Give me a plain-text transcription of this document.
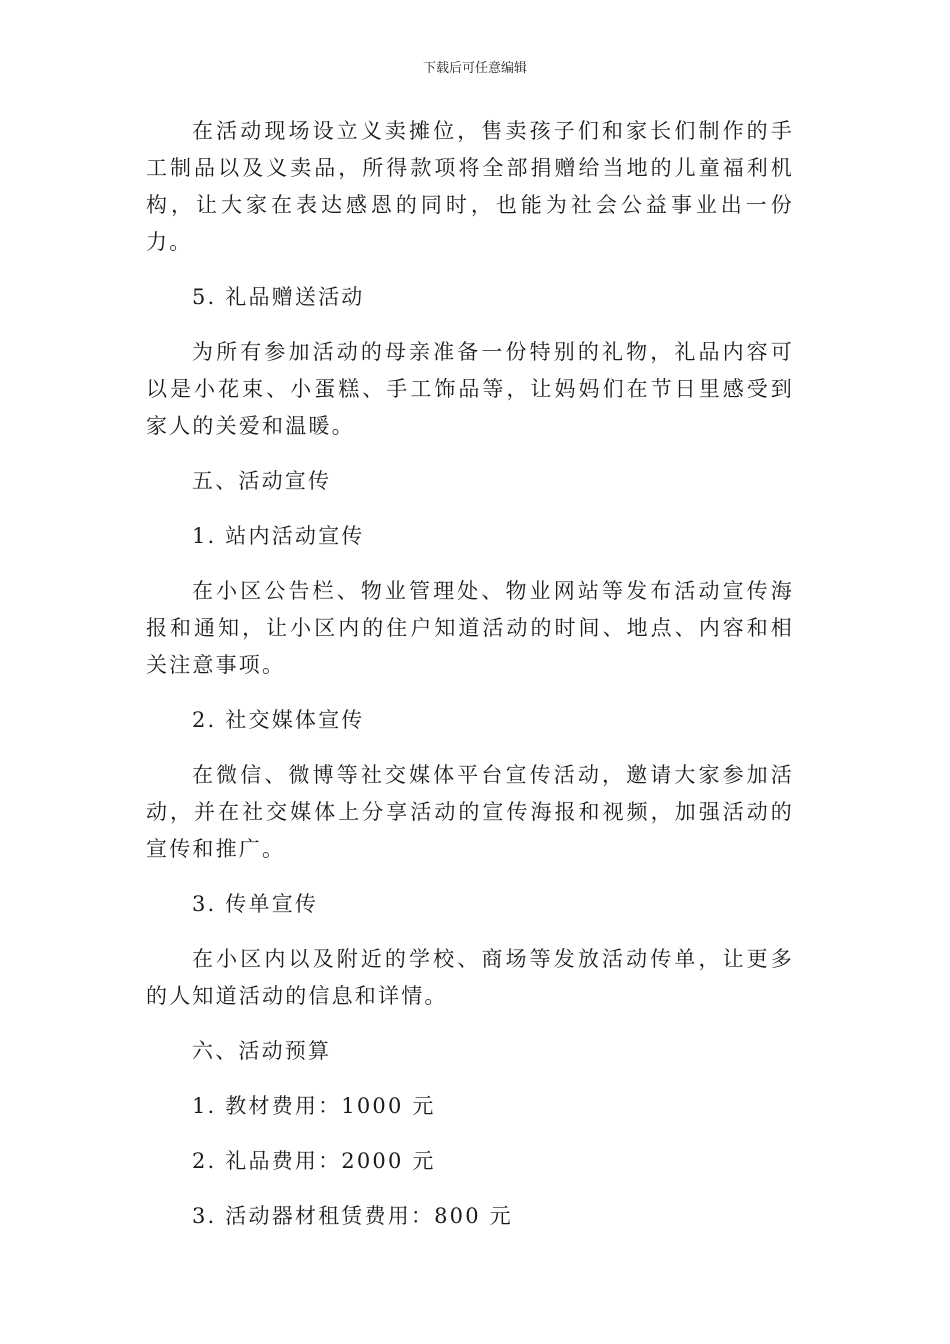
下载后可任意编辑

在活动现场设立义卖摊位，售卖孩子们和家长们制作的手工制品以及义卖品，所得款项将全部捐赠给当地的儿童福利机构，让大家在表达感恩的同时，也能为社会公益事业出一份力。

5. 礼品赠送活动

为所有参加活动的母亲准备一份特别的礼物，礼品内容可以是小花束、小蛋糕、手工饰品等，让妈妈们在节日里感受到家人的关爱和温暖。

五、活动宣传

1. 站内活动宣传

在小区公告栏、物业管理处、物业网站等发布活动宣传海报和通知，让小区内的住户知道活动的时间、地点、内容和相关注意事项。

2. 社交媒体宣传

在微信、微博等社交媒体平台宣传活动，邀请大家参加活动，并在社交媒体上分享活动的宣传海报和视频，加强活动的宣传和推广。

3. 传单宣传

在小区内以及附近的学校、商场等发放活动传单，让更多的人知道活动的信息和详情。

六、活动预算

1. 教材费用：1000 元

2. 礼品费用：2000 元

3. 活动器材租赁费用：800 元
